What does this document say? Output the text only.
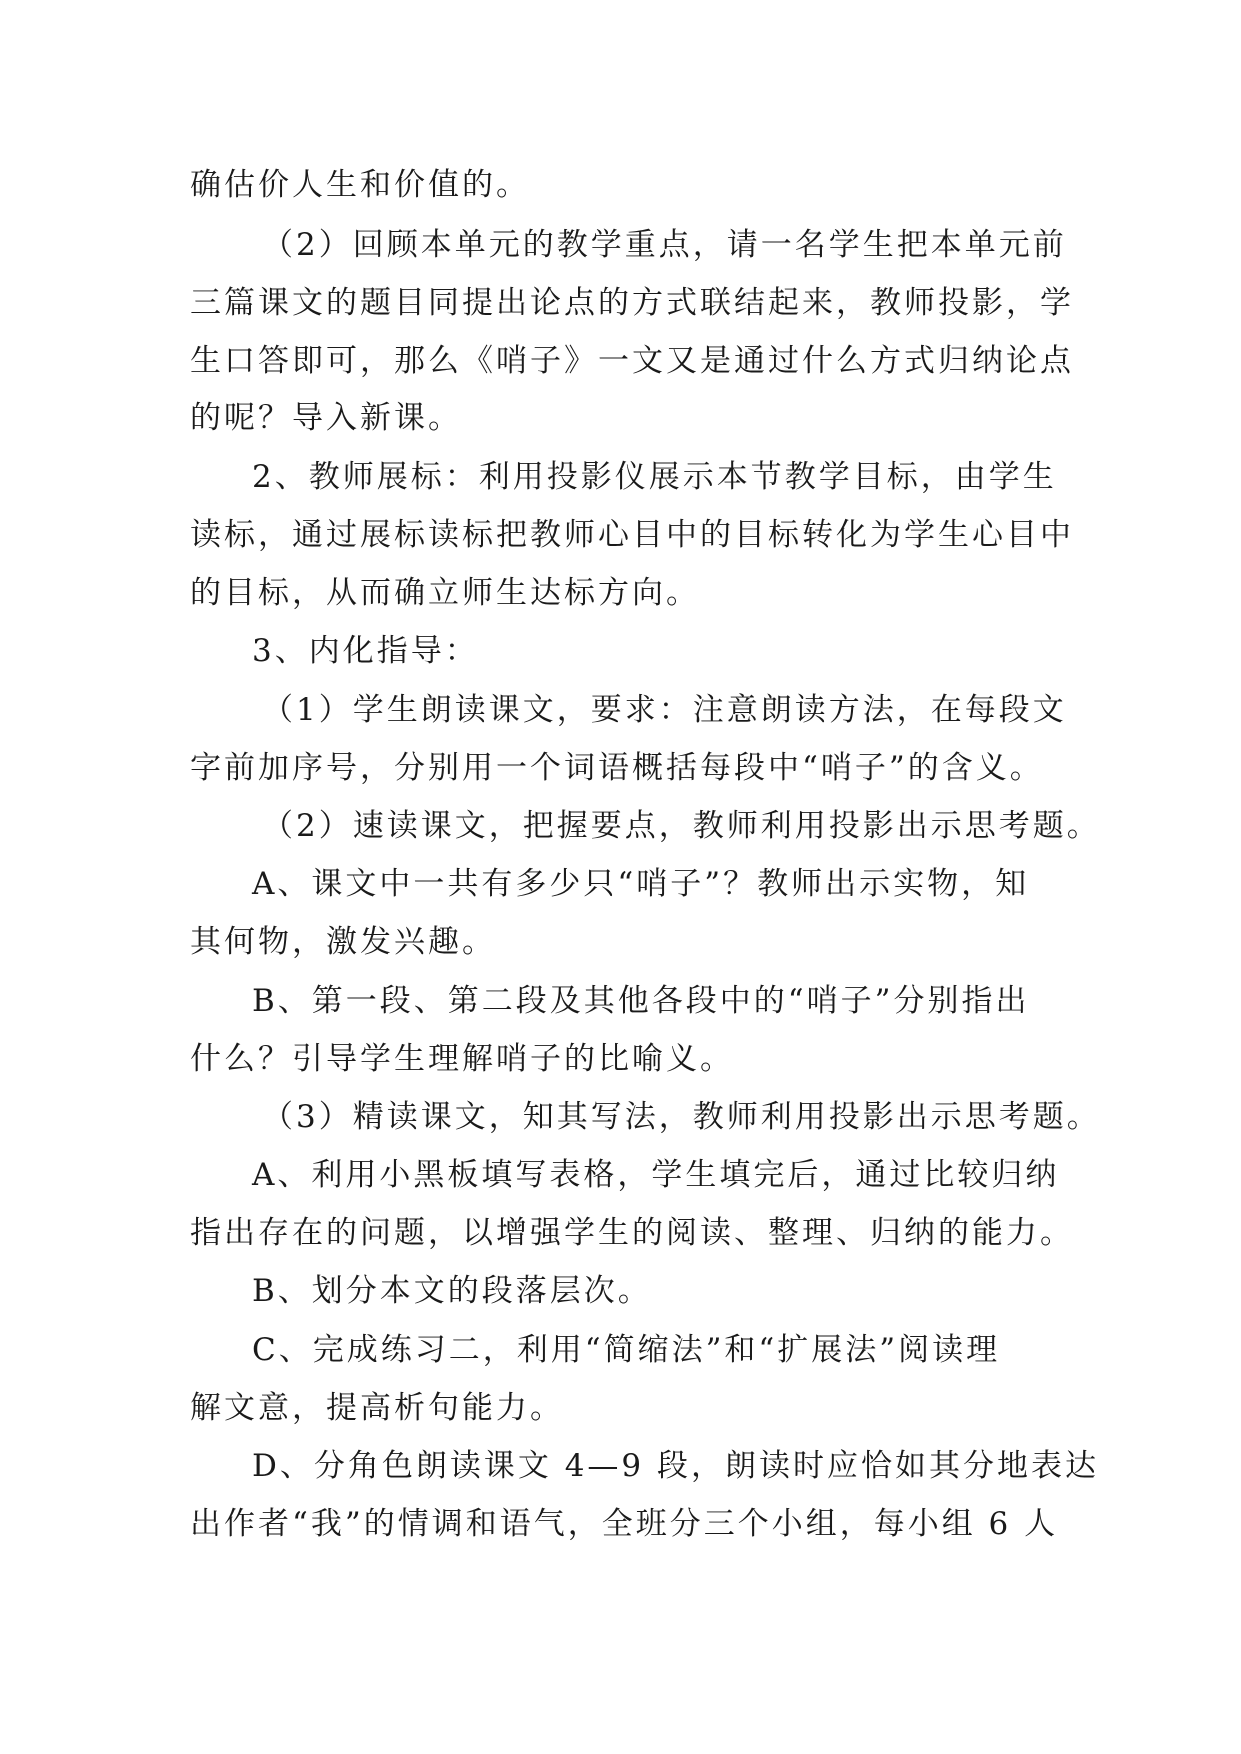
确估价人生和价值的。
（2）回顾本单元的教学重点，请一名学生把本单元前
三篇课文的题目同提出论点的方式联结起来，教师投影，学
生口答即可，那么《哨子》一文又是通过什么方式归纳论点
的呢？导入新课。
2、教师展标：利用投影仪展示本节教学目标，由学生
读标，通过展标读标把教师心目中的目标转化为学生心目中
的目标，从而确立师生达标方向。
3、内化指导：
（1）学生朗读课文，要求：注意朗读方法，在每段文
字前加序号，分别用一个词语概括每段中“哨子”的含义。
（2）速读课文，把握要点，教师利用投影出示思考题。
A、课文中一共有多少只“哨子”？教师出示实物，知
其何物，激发兴趣。
B、第一段、第二段及其他各段中的“哨子”分别指出
什么？引导学生理解哨子的比喻义。
（3）精读课文，知其写法，教师利用投影出示思考题。
A、利用小黑板填写表格，学生填完后，通过比较归纳
指出存在的问题，以增强学生的阅读、整理、归纳的能力。
B、划分本文的段落层次。
C、完成练习二，利用“简缩法”和“扩展法”阅读理
解文意，提高析句能力。
D、分角色朗读课文 4—9 段，朗读时应恰如其分地表达
出作者“我”的情调和语气，全班分三个小组，每小组 6 人
